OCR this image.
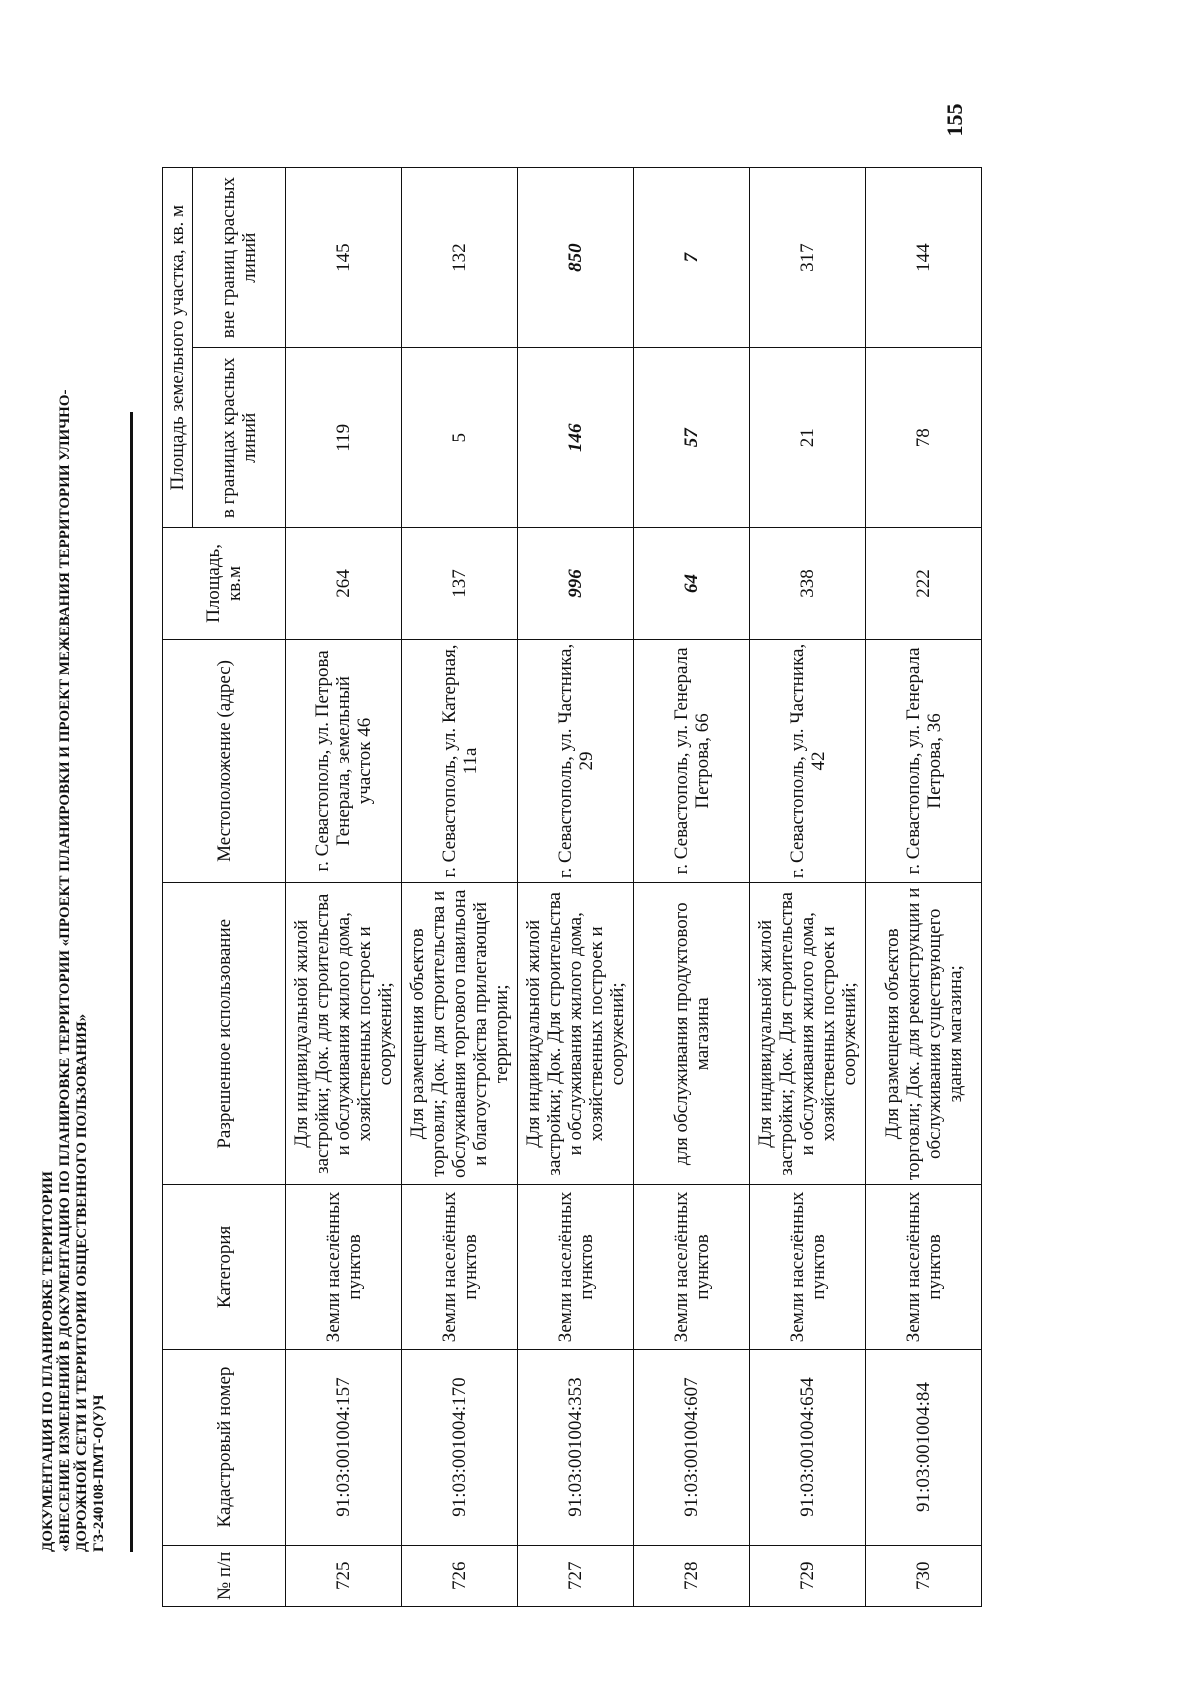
155
ДОКУМЕНТАЦИЯ ПО ПЛАНИРОВКЕ ТЕРРИТОРИИ «ВНЕСЕНИЕ ИЗМЕНЕНИЙ В ДОКУМЕНТАЦИЮ ПО ПЛАНИРОВКЕ ТЕРРИТОРИИ «ПРОЕКТ ПЛАНИРОВКИ И ПРОЕКТ МЕЖЕВАНИЯ ТЕРРИТОРИИ УЛИЧНО- ДОРОЖНОЙ СЕТИ И ТЕРРИТОРИИ ОБЩЕСТВЕННОГО ПОЛЬЗОВАНИЯ» ГЗ-240108-ПМТ-О(У)Ч
№ п/п	Кадастровый номер	Категория	Разрешенное использование	Местоположение (адрес)	Площадь, кв.м	Площадь земельного участка, кв. м	
						в границах красных линий	вне границ красных линий
725	91:03:001004:157	Земли населённых пунктов	Для индивидуальной жилой застройки; Док. для строительства и обслуживания жилого дома, хозяйственных построек и сооружений;	г. Севастополь, ул. Петрова Генерала, земельный участок 46	264	119	145
726	91:03:001004:170	Земли населённых пунктов	Для размещения объектов торговли; Док. для строительства и обслуживания торгового павильона и благоустройства прилегающей территории;	г. Севастополь, ул. Катерная, 11а	137	5	132
727	91:03:001004:353	Земли населённых пунктов	Для индивидуальной жилой застройки; Док. Для строительства и обслуживания жилого дома, хозяйственных построек и сооружений;	г. Севастополь, ул. Частника, 29	996	146	850
728	91:03:001004:607	Земли населённых пунктов	для обслуживания продуктового магазина	г. Севастополь, ул. Генерала Петрова, 66	64	57	7
729	91:03:001004:654	Земли населённых пунктов	Для индивидуальной жилой застройки; Док. Для строительства и обслуживания жилого дома, хозяйственных построек и сооружений;	г. Севастополь, ул. Частника, 42	338	21	317
730	91:03:001004:84	Земли населённых пунктов	Для размещения объектов торговли; Док. для реконструкции и обслуживания существующего здания магазина;	г. Севастополь, ул. Генерала Петрова, 36	222	78	144
